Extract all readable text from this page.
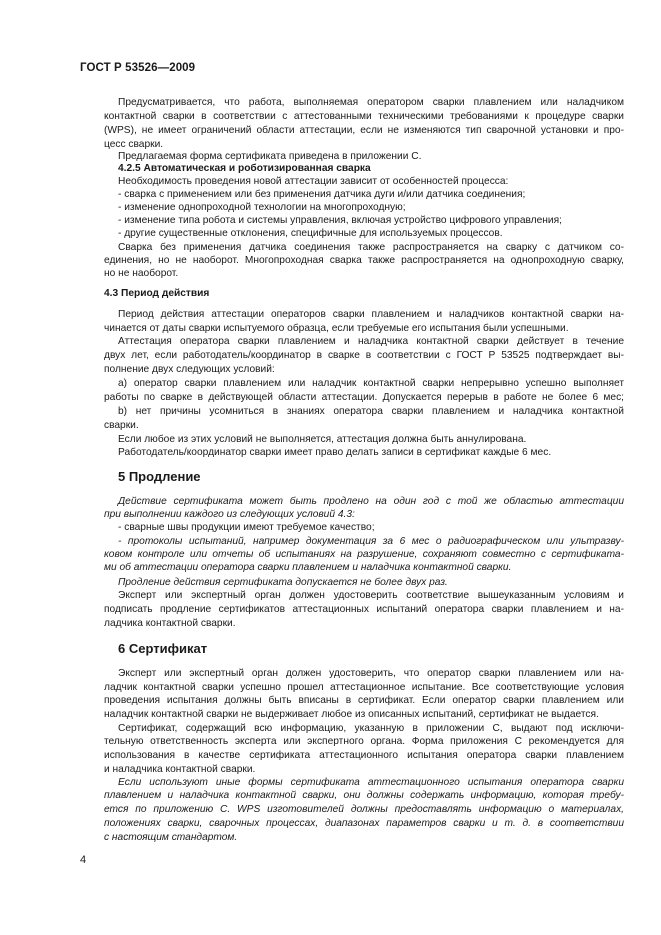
ГОСТ Р 53526—2009
Предусматривается, что работа, выполняемая оператором сварки плавлением или наладчиком
контактной сварки в соответствии с аттестованными техническими требованиями к процедуре сварки
(WPS), не имеет ограничений области аттестации, если не изменяются тип сварочной установки и про-
цесс сварки.
Предлагаемая форма сертификата приведена в приложении С.
4.2.5 Автоматическая и роботизированная сварка
Необходимость проведения новой аттестации зависит от особенностей процесса:
- сварка с применением или без применения датчика дуги и/или датчика соединения;
- изменение однопроходной технологии на многопроходную;
- изменение типа робота и системы управления, включая устройство цифрового управления;
- другие существенные отклонения, специфичные для используемых процессов.
Сварка без применения датчика соединения также распространяется на сварку с датчиком со-
единения, но не наоборот. Многопроходная сварка также распространяется на однопроходную сварку,
но не наоборот.
4.3 Период действия
Период действия аттестации операторов сварки плавлением и наладчиков контактной сварки на-
чинается от даты сварки испытуемого образца, если требуемые его испытания были успешными.
Аттестация оператора сварки плавлением и наладчика контактной сварки действует в течение
двух лет, если работодатель/координатор в сварке в соответствии с ГОСТ Р 53525 подтверждает вы-
полнение двух следующих условий:
а) оператор сварки плавлением или наладчик контактной сварки непрерывно успешно выполняет
работы по сварке в действующей области аттестации. Допускается перерыв в работе не более 6 мес;
b) нет причины усомниться в знаниях оператора сварки плавлением и наладчика контактной
сварки.
Если любое из этих условий не выполняется, аттестация должна быть аннулирована.
Работодатель/координатор сварки имеет право делать записи в сертификат каждые 6 мес.
Действие сертификата может быть продлено на один год с той же областью аттестации
при выполнении каждого из следующих условий 4.3:
- сварные швы продукции имеют требуемое качество;
- протоколы испытаний, например документация за 6 мес о радиографическом или ультразву-
ковом контроле или отчеты об испытаниях на разрушение, сохраняют совместно с сертификата-
ми об аттестации оператора сварки плавлением и наладчика контактной сварки.
Продление действия сертификата допускается не более двух раз.
Эксперт или экспертный орган должен удостоверить соответствие вышеуказанным условиям и
подписать продление сертификатов аттестационных испытаний оператора сварки плавлением и на-
ладчика контактной сварки.
Эксперт или экспертный орган должен удостоверить, что оператор сварки плавлением или на-
ладчик контактной сварки успешно прошел аттестационное испытание. Все соответствующие условия
проведения испытания должны быть вписаны в сертификат. Если оператор сварки плавлением или
наладчик контактной сварки не выдерживает любое из описанных испытаний, сертификат не выдается.
Сертификат, содержащий всю информацию, указанную в приложении С, выдают под исключи-
тельную ответственность эксперта или экспертного органа. Форма приложения С рекомендуется для
использования в качестве сертификата аттестационного испытания оператора сварки плавлением
и наладчика контактной сварки.
Если используют иные формы сертификата аттестационного испытания оператора сварки
плавлением и наладчика контактной сварки, они должны содержать информацию, которая требу-
ется по приложению С. WPS изготовителей должны предоставлять информацию о материалах,
положениях сварки, сварочных процессах, диапазонах параметров сварки и т. д. в соответствии
с настоящим стандартом.
5 Продление
6 Сертификат
4
